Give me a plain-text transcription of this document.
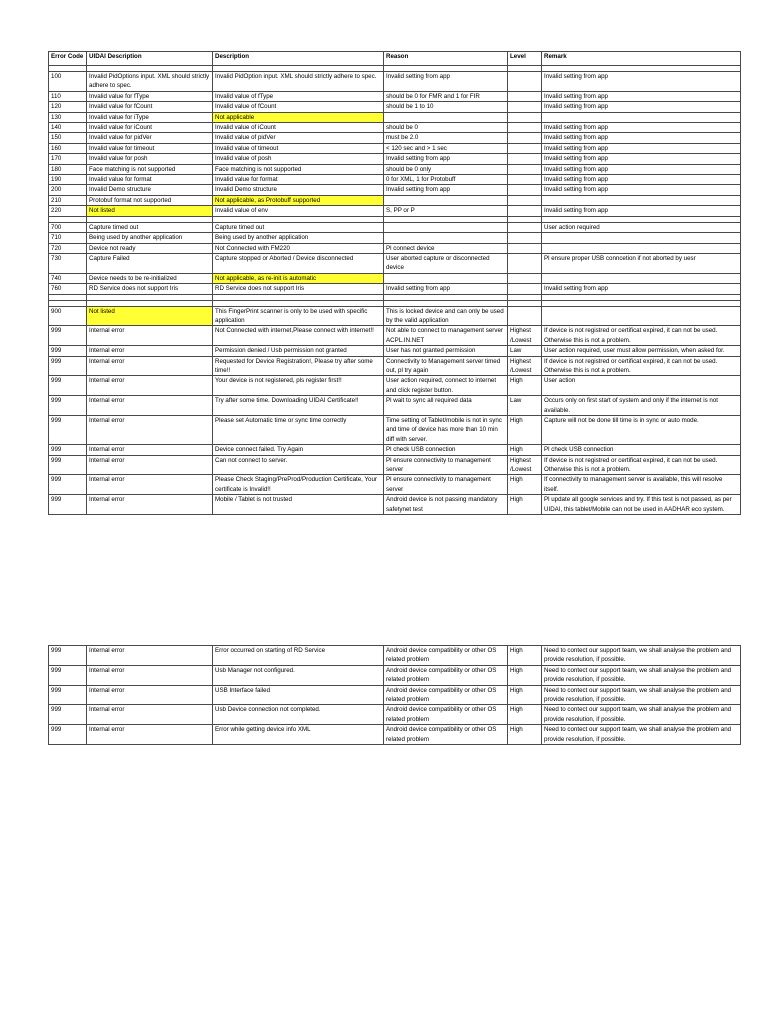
Error Code	UIDAI Description	Description	Reason	Level	Remark

100	Invalid PidOptions input. XML should strictly adhere to spec.	Invalid PidOption input. XML should strictly adhere to spec.	Invalid setting from app		Invalid setting from app
110	Invalid value for fType	Invalid value of fType	should be 0 for FMR and 1 for FIR		Invalid setting from app
120	Invalid value for fCount	Invalid value of fCount	should be 1 to 10		Invalid setting from app
130	Invalid value for iType	Not applicable			
140	Invalid value for iCount	Invalid value of iCount	should be 0		Invalid setting from app
150	Invalid value for pidVer	Invalid value of pidVer	must be 2.0		Invalid setting from app
160	Invalid value for timeout	Invalid value of timeout	< 120 sec and > 1 sec		Invalid setting from app
170	Invalid value for posh	Invalid value of posh	Invalid setting from app		Invalid setting from app
180	Face matching is not supported	Face matching is not supported	should be 0 only		Invalid setting from app
190	Invalid value for format	Invalid value for format	0 for XML, 1 for Protobuff		Invalid setting from app
200	Invalid Demo structure	Invalid Demo structure	Invalid setting from app		Invalid setting from app
210	Protobuf format not supported	Not applicable, as Protobuff supported			
220	Not listed	Invalid value of env	S, PP or P		Invalid setting from app

700	Capture timed out	Capture timed out			User action required
710	Being used by another application	Being used by another application			
720	Device not ready	Not Connected with FM220	Pl connect device		
730	Capture Failed	Capture stopped or Aborted / Device disconnected	User aborted capture or disconnected device		Pl ensure proper USB conncetion if not aborted by uesr
740	Device needs to be re-initialized	Not applicable, as re-init is automatic			
760	RD Service does not support Iris	RD Service does not support Iris	Invalid setting from app		Invalid setting from app

900	Not listed	This FingerPrint scanner is only to be used with specific application	This is locked device and can only be used by the valid application		
999	Internal error	Not Connected with internet,Please connect with internet!!	Not able to connect to management server ACPL.IN.NET	Highest /Lowest	If device is not registred or certificat expired, it can not be used. Otherwise this is not a problem.
999	Internal error	Permission denied / Usb permission not granted	User has not granted permission	Law	User action required, user must allow permission, when asked for.
999	Internal error	Requested for Device Registration!, Please try after some time!!	Connectivity to Management server timed out, pl try again	Highest /Lowest	If device is not registred or certificat expired, it can not be used. Otherwise this is not a problem.
999	Internal error	Your device is not registered, pls register first!!	User action required, connect to internet and click register button.	High	User action
999	Internal error	Try after some time. Downloading UIDAI Certificate!!	Pl wait to sync all required data	Law	Occurs only on first start of system and only if the internet is not available.
999	Internal error	Please set Automatic time or sync time correctly	Time setting of Tablet/mobile is not in sync and time of device has more than 10 min diff with server.	High	Capture will not be done till time is in sync or auto mode.
999	Internal error	Device connect failed. Try Again	Pl check USB connection	High	Pl check USB connection
999	Internal error	Can not connect to server.	Pl ensure connectivity to management server	Highest /Lowest	If device is not registred or certificat expired, it can not be used. Otherwise this is not a problem.
999	Internal error	Please Check Staging/PreProd/Production Certificate, Your certificate is Invalid!!	Pl ensure connectivity to management server	High	If connectivity to management server is available, this will resolve itself.
999	Internal error	Mobile / Tablet is not trusted	Android device is not passing mandatory safetynet test	High	Pl update all google services and try. If this test is not passed, as per UIDAI, this tablet/Mobile can not be used in AADHAR eco system.
999	Internal error	Error occurred on starting of RD Service	Android device compatibility or other OS related problem	High	Need to contect our support team, we shall analyse the problem and provide resolution, if possible.
999	Internal error	Usb Manager not configured.	Android device compatibility or other OS related problem	High	Need to contect our support team, we shall analyse the problem and provide resolution, if possible.
999	Internal error	USB Interface failed	Android device compatibility or other OS related problem	High	Need to contect our support team, we shall analyse the problem and provide resolution, if possible.
999	Internal error	Usb Device connection not completed.	Android device compatibility or other OS related problem	High	Need to contect our support team, we shall analyse the problem and provide resolution, if possible.
999	Internal error	Error while getting device info XML	Android device compatibility or other OS related problem	High	Need to contect our support team, we shall analyse the problem and provide resolution, if possible.
